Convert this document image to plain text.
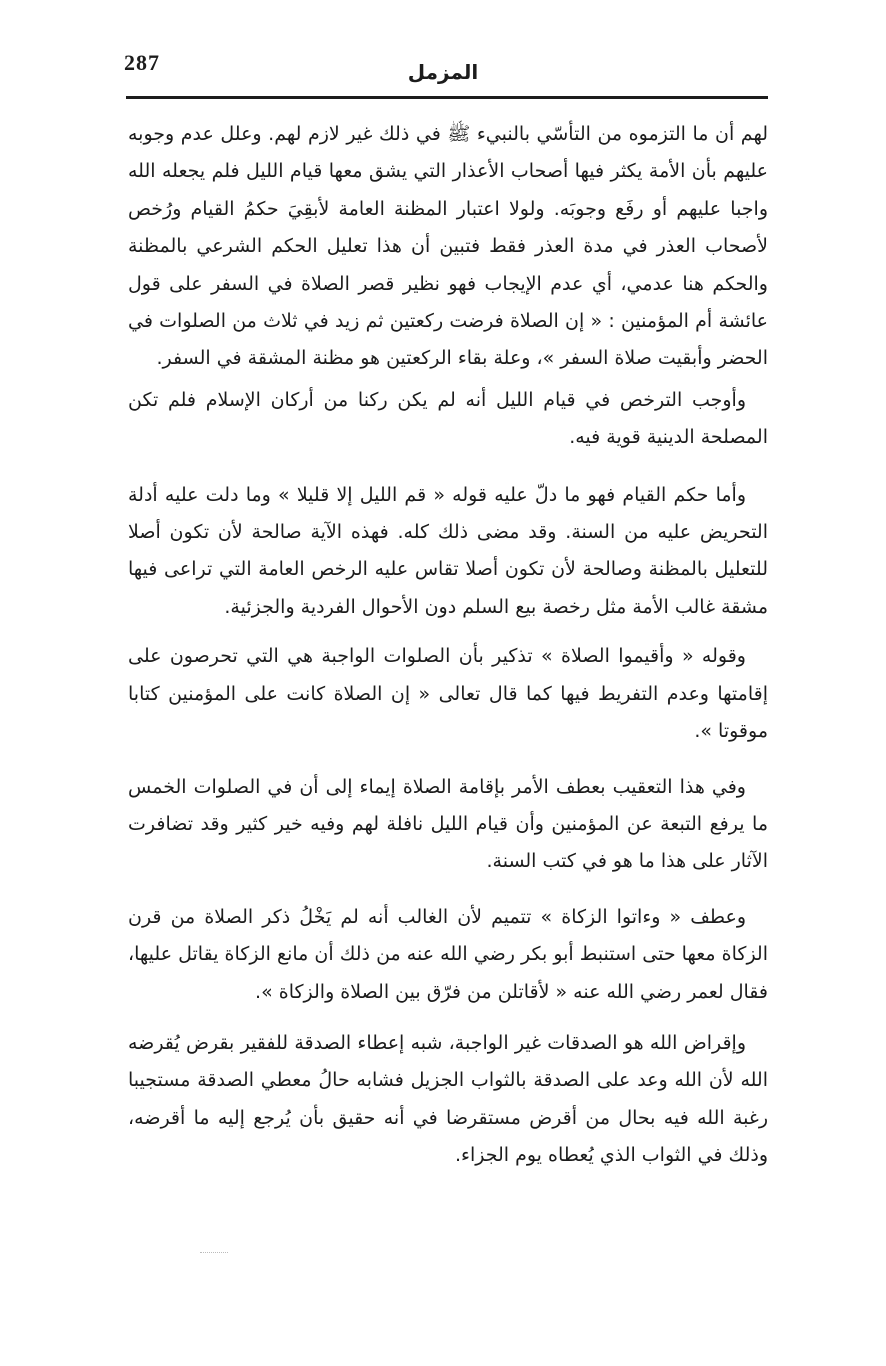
287	المزمل

لهم أن ما التزموه من التأسّي بالنبيء ﷺ في ذلك غير لازم لهم. وعلل عدم وجوبه عليهم بأن الأمة يكثر فيها أصحاب الأعذار التي يشق معها قيام الليل فلم يجعله الله واجبا عليهم أو رفَع وجوبَه. ولولا اعتبار المظنة العامة لأبقِيَ حكمُ القيام ورُخص لأصحاب العذر في مدة العذر فقط فتبين أن هذا تعليل الحكم الشرعي بالمظنة والحكم هنا عدمي، أي عدم الإيجاب فهو نظير قصر الصلاة في السفر على قول عائشة أم المؤمنين : « إن الصلاة فرضت ركعتين ثم زيد في ثلاث من الصلوات في الحضر وأبقيت صلاة السفر »، وعلة بقاء الركعتين هو مظنة المشقة في السفر.

وأوجب الترخص في قيام الليل أنه لم يكن ركنا من أركان الإسلام فلم تكن المصلحة الدينية قوية فيه.

وأما حكم القيام فهو ما دلّ عليه قوله « قم الليل إلا قليلا » وما دلت عليه أدلة التحريض عليه من السنة. وقد مضى ذلك كله. فهذه الآية صالحة لأن تكون أصلا للتعليل بالمظنة وصالحة لأن تكون أصلا تقاس عليه الرخص العامة التي تراعى فيها مشقة غالب الأمة مثل رخصة بيع السلم دون الأحوال الفردية والجزئية.

وقوله « وأقيموا الصلاة » تذكير بأن الصلوات الواجبة هي التي تحرصون على إقامتها وعدم التفريط فيها كما قال تعالى « إن الصلاة كانت على المؤمنين كتابا موقوتا ».

وفي هذا التعقيب بعطف الأمر بإقامة الصلاة إيماء إلى أن في الصلوات الخمس ما يرفع التبعة عن المؤمنين وأن قيام الليل نافلة لهم وفيه خير كثير وقد تضافرت الآثار على هذا ما هو في كتب السنة.

وعطف « وءاتوا الزكاة » تتميم لأن الغالب أنه لم يَخْلُ ذكر الصلاة من قرن الزكاة معها حتى استنبط أبو بكر رضي الله عنه من ذلك أن مانع الزكاة يقاتل عليها، فقال لعمر رضي الله عنه « لأقاتلن من فرّق بين الصلاة والزكاة ».

وإقراض الله هو الصدقات غير الواجبة، شبه إعطاء الصدقة للفقير بقرض يُقرضه الله لأن الله وعد على الصدقة بالثواب الجزيل فشابه حالُ معطي الصدقة مستجيبا رغبة الله فيه بحال من أقرض مستقرضا في أنه حقيق بأن يُرجع إليه ما أقرضه، وذلك في الثواب الذي يُعطاه يوم الجزاء.
